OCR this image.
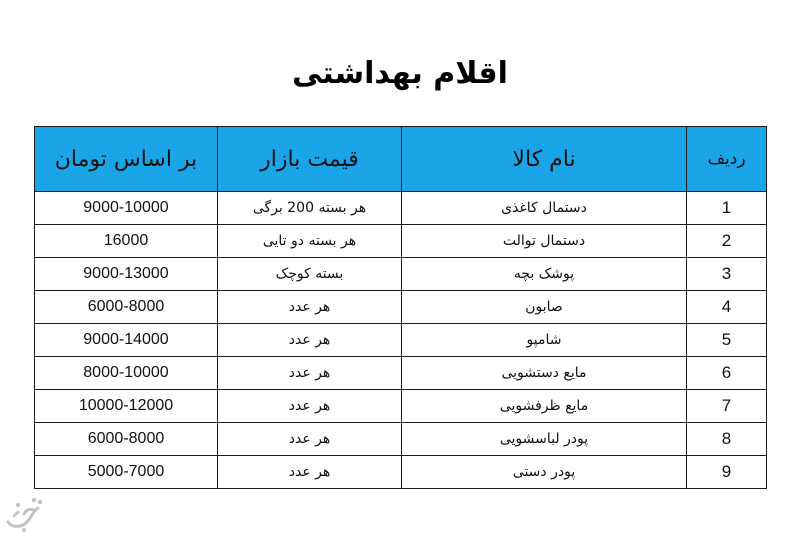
اقلام بهداشتی
ردیف	نام کالا	قیمت بازار	بر اساس تومان
1	دستمال کاغذی	هر بسته 200 برگی	9000-10000
2	دستمال توالت	هر بسته دو تایی	16000
3	پوشک بچه	بسته کوچک	9000-13000
4	صابون	هر عدد	6000-8000
5	شامپو	هر عدد	9000-14000
6	مایع دستشویی	هر عدد	8000-10000
7	مایع ظرفشویی	هر عدد	10000-12000
8	پودر لباسشویی	هر عدد	6000-8000
9	پودر دستی	هر عدد	5000-7000
